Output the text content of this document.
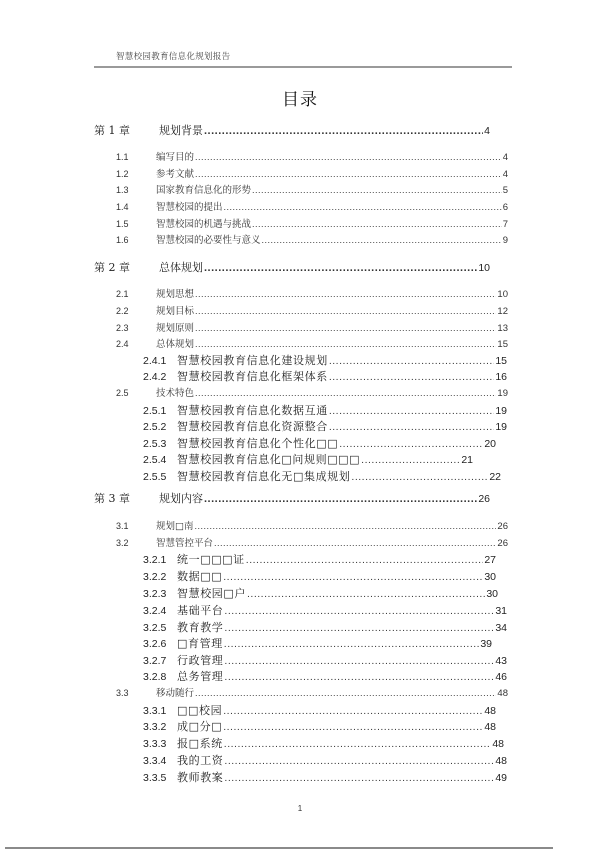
智慧校园教育信息化规划报告
目录
第 1 章	规划背景 .....	4
1.1	编写目的 .....	4
1.2	参考文献 .....	4
1.3	国家教育信息化的形势 .....	5
1.4	智慧校园的提出 .....	6
1.5	智慧校园的机遇与挑战 .....	7
1.6	智慧校园的必要性与意义 .....	9
第 2 章	总体规划 .....	10
2.1	规划思想 .....	10
2.2	规划目标 .....	12
2.3	规划原则 .....	13
2.4	总体规划 .....	15
2.4.1 智慧校园教育信息化建设规划 .....	15
2.4.2 智慧校园教育信息化框架体系 .....	16
2.5	技术特色 .....	19
2.5.1 智慧校园教育信息化数据互通 .....	19
2.5.2 智慧校园教育信息化资源整合 .....	19
2.5.3 智慧校园教育信息化个性化□□ .....	20
2.5.4 智慧校园教育信息化□问规则□□□ .....	21
2.5.5 智慧校园教育信息化无□集成规划 .....	22
第 3 章	规划内容 .....	26
3.1	规划□南 .....	26
3.2	智慧管控平台 .....	26
3.2.1 统一□□□证 .....	27
3.2.2 数据□□ .....	30
3.2.3 智慧校园□户 .....	30
3.2.4 基础平台 .....	31
3.2.5 教育教学 .....	34
3.2.6 □育管理 .....	39
3.2.7 行政管理 .....	43
3.2.8 总务管理 .....	46
3.3	移动随行 .....	48
3.3.1 □□校园 .....	48
3.3.2 成□分□ .....	48
3.3.3 报□系统 .....	48
3.3.4 我的工资 .....	48
3.3.5 教师教案 .....	49
1
